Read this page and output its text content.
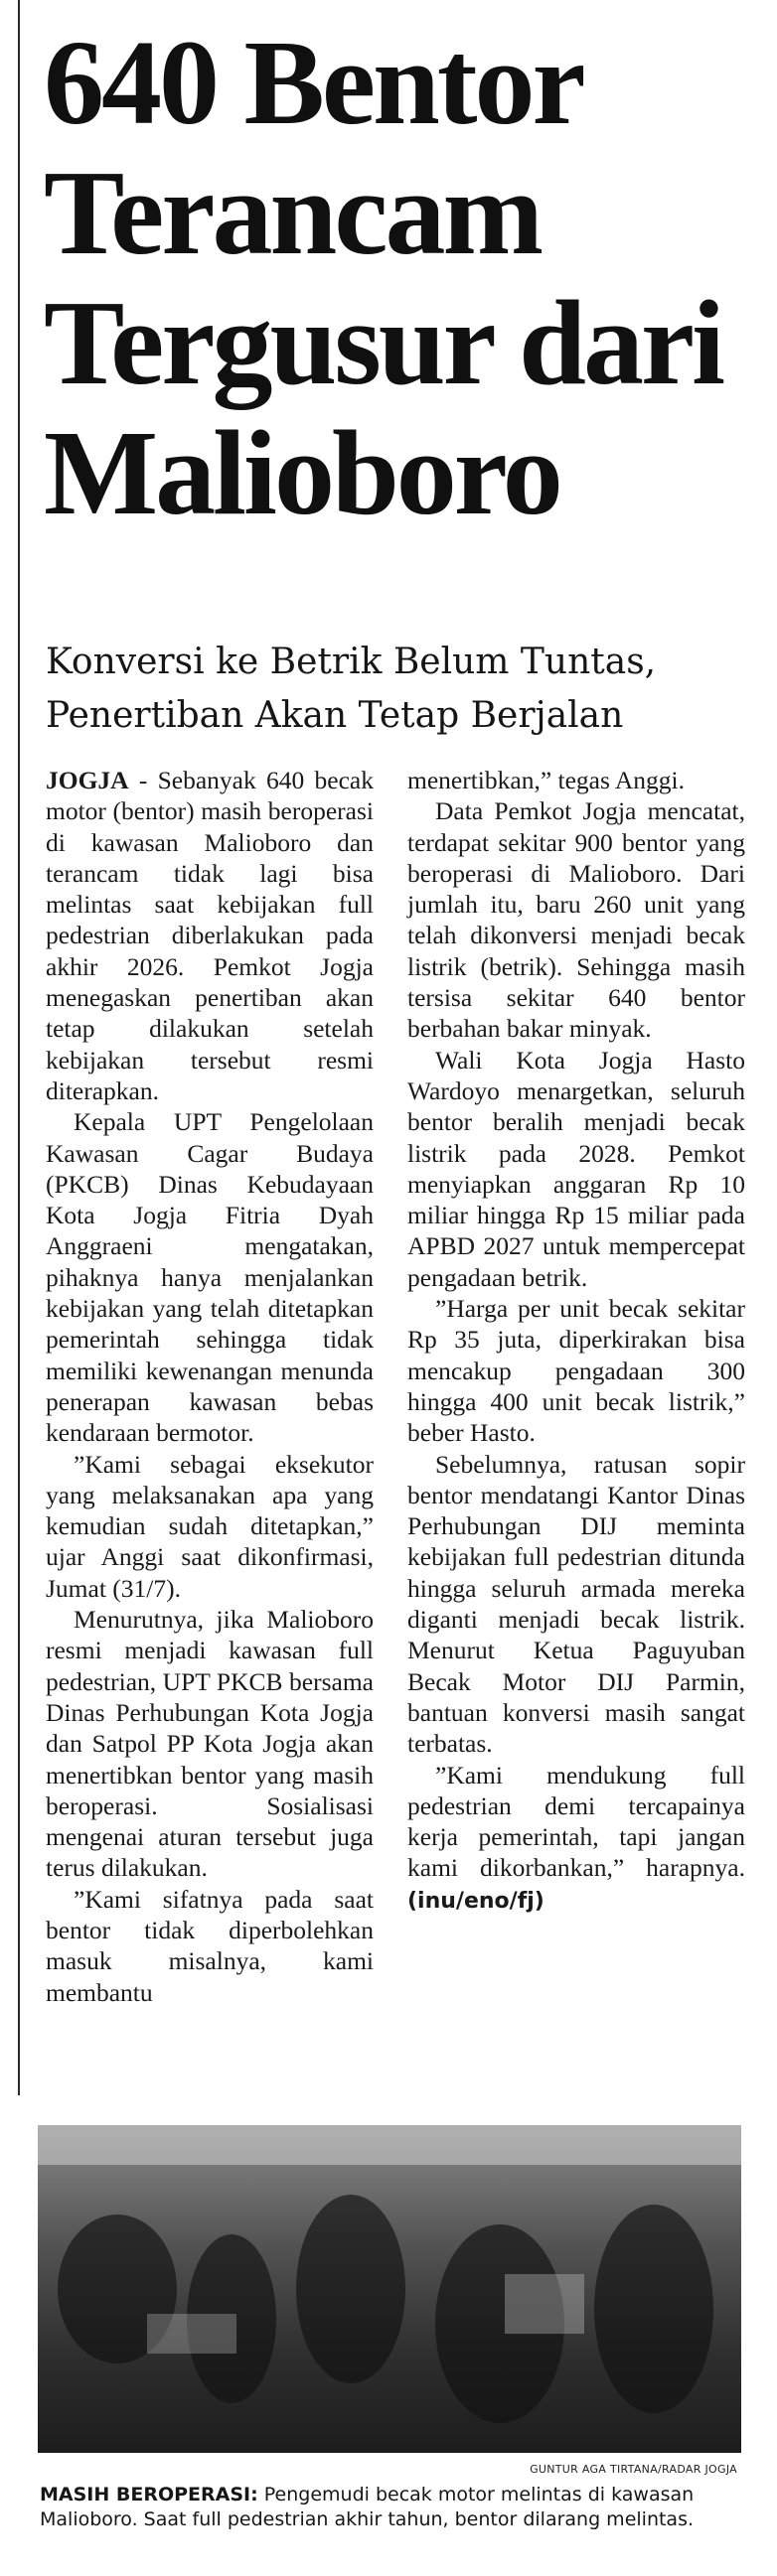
640 Bentor
Terancam
Tergusur dari
Malioboro
Konversi ke Betrik Belum Tuntas,
Penertiban Akan Tetap Berjalan

JOGJA - Sebanyak 640 becak motor (bentor) masih beroperasi di kawasan Malioboro dan terancam tidak lagi bisa melintas saat kebijakan full pedestrian diberlakukan pada akhir 2026. Pemkot Jogja menegaskan penertiban akan tetap dilakukan setelah kebijakan tersebut resmi diterapkan.

Kepala UPT Pengelolaan Kawasan Cagar Budaya (PKCB) Dinas Kebudayaan Kota Jogja Fitria Dyah Anggraeni mengatakan, pihaknya hanya menjalankan kebijakan yang telah ditetapkan pemerintah sehingga tidak memiliki kewenangan menunda penerapan kawasan bebas kendaraan bermotor.

”Kami sebagai eksekutor yang melaksanakan apa yang kemudian sudah ditetapkan,” ujar Anggi saat dikonfirmasi, Jumat (31/7).

Menurutnya, jika Malioboro resmi menjadi kawasan full pedestrian, UPT PKCB bersama Dinas Perhubungan Kota Jogja dan Satpol PP Kota Jogja akan menertibkan bentor yang masih beroperasi. Sosialisasi mengenai aturan tersebut juga terus dilakukan.

”Kami sifatnya pada saat bentor tidak diperbolehkan masuk misalnya, kami membantu

menertibkan,” tegas Anggi.

Data Pemkot Jogja mencatat, terdapat sekitar 900 bentor yang beroperasi di Malioboro. Dari jumlah itu, baru 260 unit yang telah dikonversi menjadi becak listrik (betrik). Sehingga masih tersisa sekitar 640 bentor berbahan bakar minyak.

Wali Kota Jogja Hasto Wardoyo menargetkan, seluruh bentor beralih menjadi becak listrik pada 2028. Pemkot menyiapkan anggaran Rp 10 miliar hingga Rp 15 miliar pada APBD 2027 untuk mempercepat pengadaan betrik.

”Harga per unit becak sekitar Rp 35 juta, diperkirakan bisa mencakup pengadaan 300 hingga 400 unit becak listrik,” beber Hasto.

Sebelumnya, ratusan sopir bentor mendatangi Kantor Dinas Perhubungan DIJ meminta kebijakan full pedestrian ditunda hingga seluruh armada mereka diganti menjadi becak listrik. Menurut Ketua Paguyuban Becak Motor DIJ Parmin, bantuan konversi masih sangat terbatas.

”Kami mendukung full pedestrian demi tercapainya kerja pemerintah, tapi jangan kami dikorbankan,” harapnya. (inu/eno/fj)

GUNTUR AGA TIRTANA/RADAR JOGJA
MASIH BEROPERASI: Pengemudi becak motor melintas di kawasan Malioboro. Saat full pedestrian akhir tahun, bentor dilarang melintas.
